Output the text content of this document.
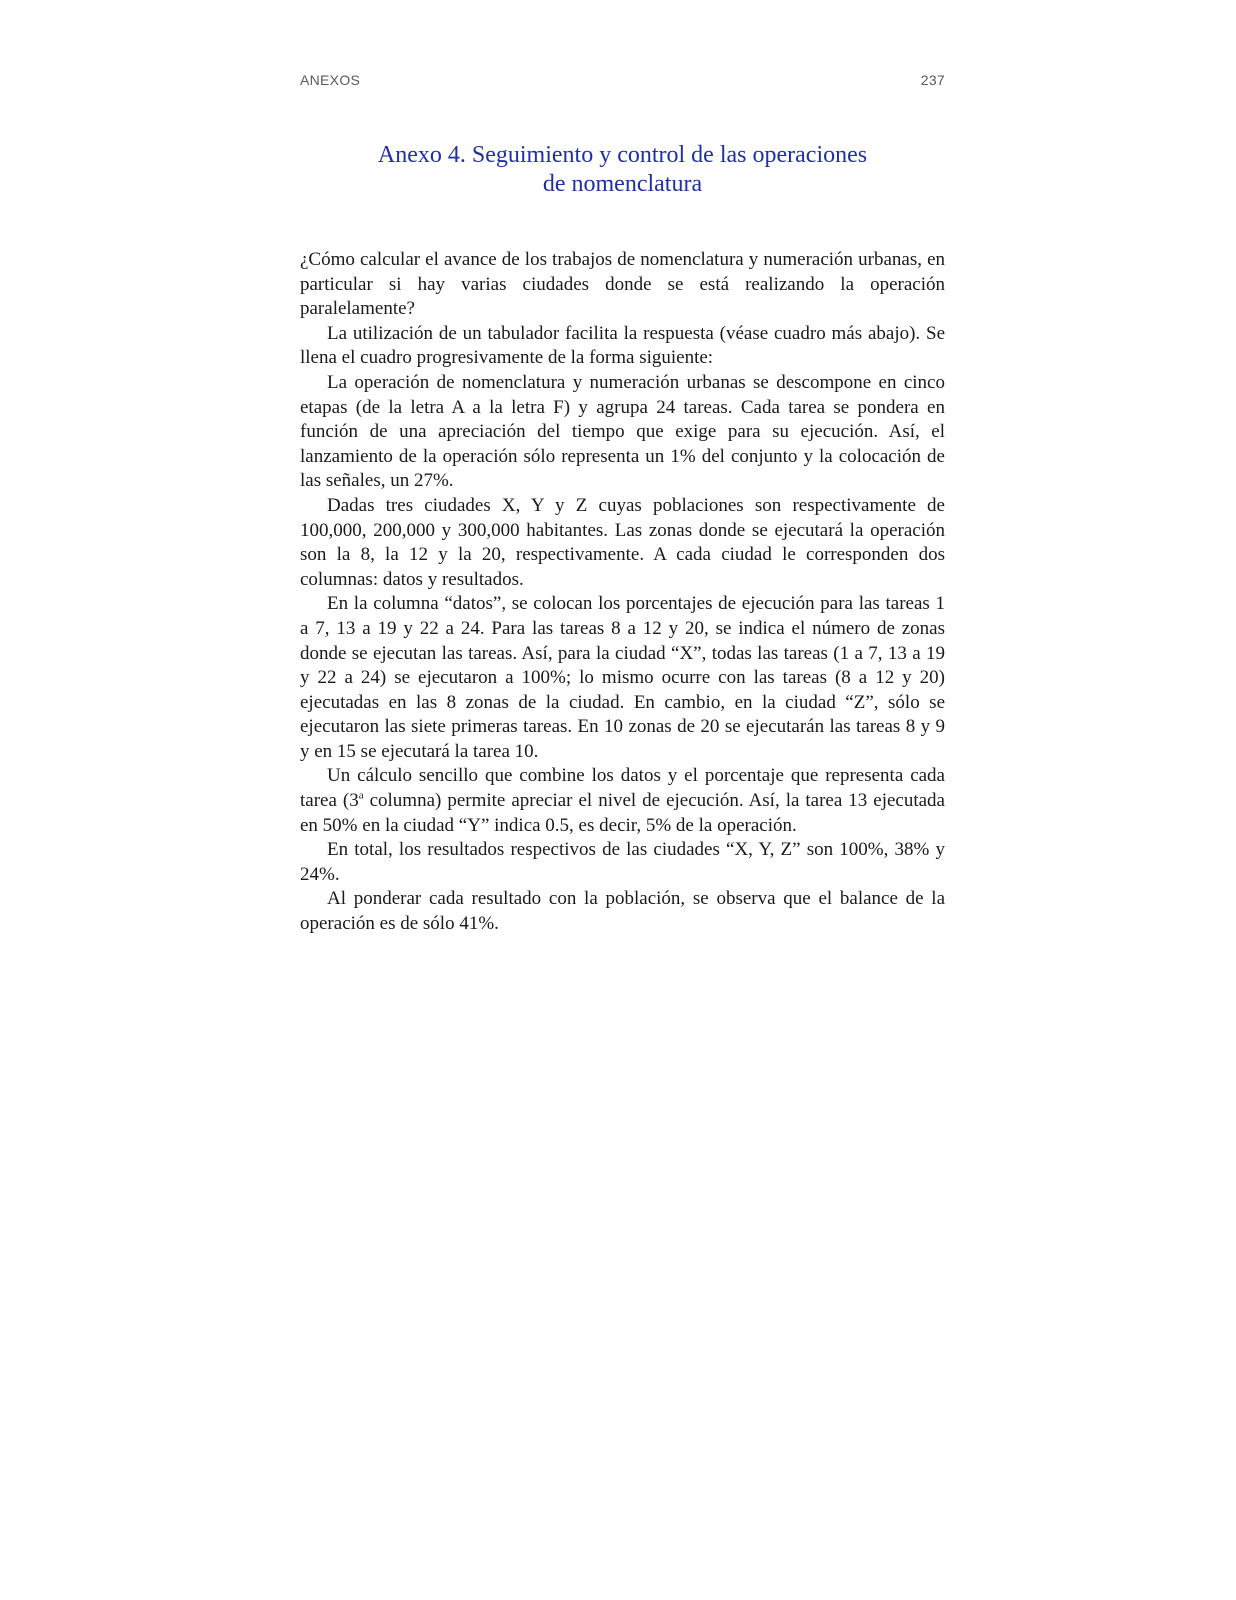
ANEXOS	237
Anexo 4. Seguimiento y control de las operaciones
de nomenclatura

¿Cómo calcular el avance de los trabajos de nomenclatura y numeración urbanas, en particular si hay varias ciudades donde se está realizando la operación paralelamente?

La utilización de un tabulador facilita la respuesta (véase cuadro más abajo). Se llena el cuadro progresivamente de la forma siguiente:

La operación de nomenclatura y numeración urbanas se descompone en cinco etapas (de la letra A a la letra F) y agrupa 24 tareas. Cada tarea se pondera en función de una apreciación del tiempo que exige para su ejecución. Así, el lanzamiento de la operación sólo representa un 1% del conjunto y la colocación de las señales, un 27%.

Dadas tres ciudades X, Y y Z cuyas poblaciones son respectivamente de 100,000, 200,000 y 300,000 habitantes. Las zonas donde se ejecutará la operación son la 8, la 12 y la 20, respectivamente. A cada ciudad le corresponden dos columnas: datos y resultados.

En la columna “datos”, se colocan los porcentajes de ejecución para las tareas 1 a 7, 13 a 19 y 22 a 24. Para las tareas 8 a 12 y 20, se indica el número de zonas donde se ejecutan las tareas. Así, para la ciudad “X”, todas las tareas (1 a 7, 13 a 19 y 22 a 24) se ejecutaron a 100%; lo mismo ocurre con las tareas (8 a 12 y 20) ejecutadas en las 8 zonas de la ciudad. En cambio, en la ciudad “Z”, sólo se ejecutaron las siete primeras tareas. En 10 zonas de 20 se ejecutarán las tareas 8 y 9 y en 15 se ejecutará la tarea 10.

Un cálculo sencillo que combine los datos y el porcentaje que representa cada tarea (3$^a$ columna) permite apreciar el nivel de ejecución. Así, la tarea 13 ejecutada en 50% en la ciudad “Y” indica 0.5, es decir, 5% de la operación.

En total, los resultados respectivos de las ciudades “X, Y, Z” son 100%, 38% y 24%.

Al ponderar cada resultado con la población, se observa que el balance de la operación es de sólo 41%.
